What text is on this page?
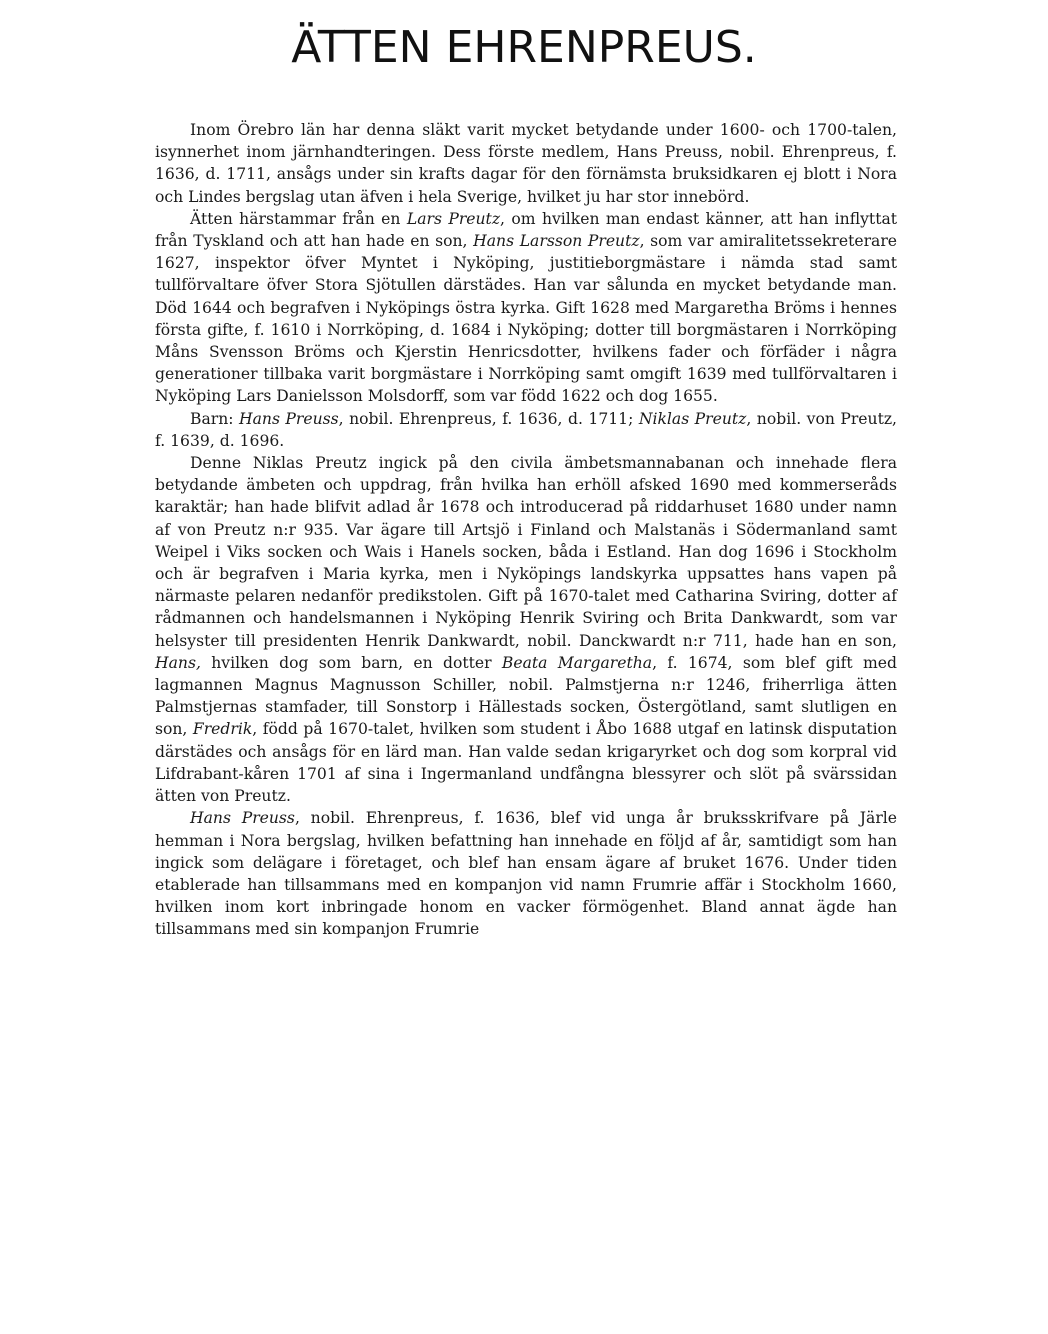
ÄTTEN EHRENPREUS.

Inom Örebro län har denna släkt varit mycket betydande under 1600- och 1700-talen, isynnerhet inom järnhandteringen. Dess förste medlem, Hans Preuss, nobil. Ehrenpreus, f. 1636, d. 1711, ansågs under sin krafts dagar för den förnämsta bruksidkaren ej blott i Nora och Lindes bergslag utan äfven i hela Sverige, hvilket ju har stor innebörd.

Ätten härstammar från en Lars Preutz, om hvilken man endast känner, att han inflyttat från Tyskland och att han hade en son, Hans Larsson Preutz, som var amiralitetssekreterare 1627, inspektor öfver Myntet i Nyköping, justitieborgmästare i nämda stad samt tullförvaltare öfver Stora Sjötullen därstädes. Han var sålunda en mycket betydande man. Död 1644 och begrafven i Nyköpings östra kyrka. Gift 1628 med Margaretha Bröms i hennes första gifte, f. 1610 i Norrköping, d. 1684 i Nyköping; dotter till borgmästaren i Norrköping Måns Svensson Bröms och Kjerstin Henricsdotter, hvilkens fader och förfäder i några generationer tillbaka varit borgmästare i Norrköping samt omgift 1639 med tullförvaltaren i Nyköping Lars Danielsson Molsdorff, som var född 1622 och dog 1655.

Barn: Hans Preuss, nobil. Ehrenpreus, f. 1636, d. 1711; Niklas Preutz, nobil. von Preutz, f. 1639, d. 1696.

Denne Niklas Preutz ingick på den civila ämbetsmannabanan och innehade flera betydande ämbeten och uppdrag, från hvilka han erhöll afsked 1690 med kommerseråds karaktär; han hade blifvit adlad år 1678 och introducerad på riddarhuset 1680 under namn af von Preutz n:r 935. Var ägare till Artsjö i Finland och Malstanäs i Södermanland samt Weipel i Viks socken och Wais i Hanels socken, båda i Estland. Han dog 1696 i Stockholm och är begrafven i Maria kyrka, men i Nyköpings landskyrka uppsattes hans vapen på närmaste pelaren nedanför predikstolen. Gift på 1670-talet med Catharina Sviring, dotter af rådmannen och handelsmannen i Nyköping Henrik Sviring och Brita Dankwardt, som var helsyster till presidenten Henrik Dankwardt, nobil. Danckwardt n:r 711, hade han en son, Hans, hvilken dog som barn, en dotter Beata Margaretha, f. 1674, som blef gift med lagmannen Magnus Magnusson Schiller, nobil. Palmstjerna n:r 1246, friherrliga ätten Palmstjernas stamfader, till Sonstorp i Hällestads socken, Östergötland, samt slutligen en son, Fredrik, född på 1670-talet, hvilken som student i Åbo 1688 utgaf en latinsk disputation därstädes och ansågs för en lärd man. Han valde sedan krigaryrket och dog som korpral vid Lifdrabant-kåren 1701 af sina i Ingermanland undfångna blessyrer och slöt på svärssidan ätten von Preutz.

Hans Preuss, nobil. Ehrenpreus, f. 1636, blef vid unga år bruksskrifvare på Järle hemman i Nora bergslag, hvilken befattning han innehade en följd af år, samtidigt som han ingick som delägare i företaget, och blef han ensam ägare af bruket 1676. Under tiden etablerade han tillsammans med en kompanjon vid namn Frumrie affär i Stockholm 1660, hvilken inom kort inbringade honom en vacker förmögenhet. Bland annat ägde han tillsammans med sin kompanjon Frumrie
